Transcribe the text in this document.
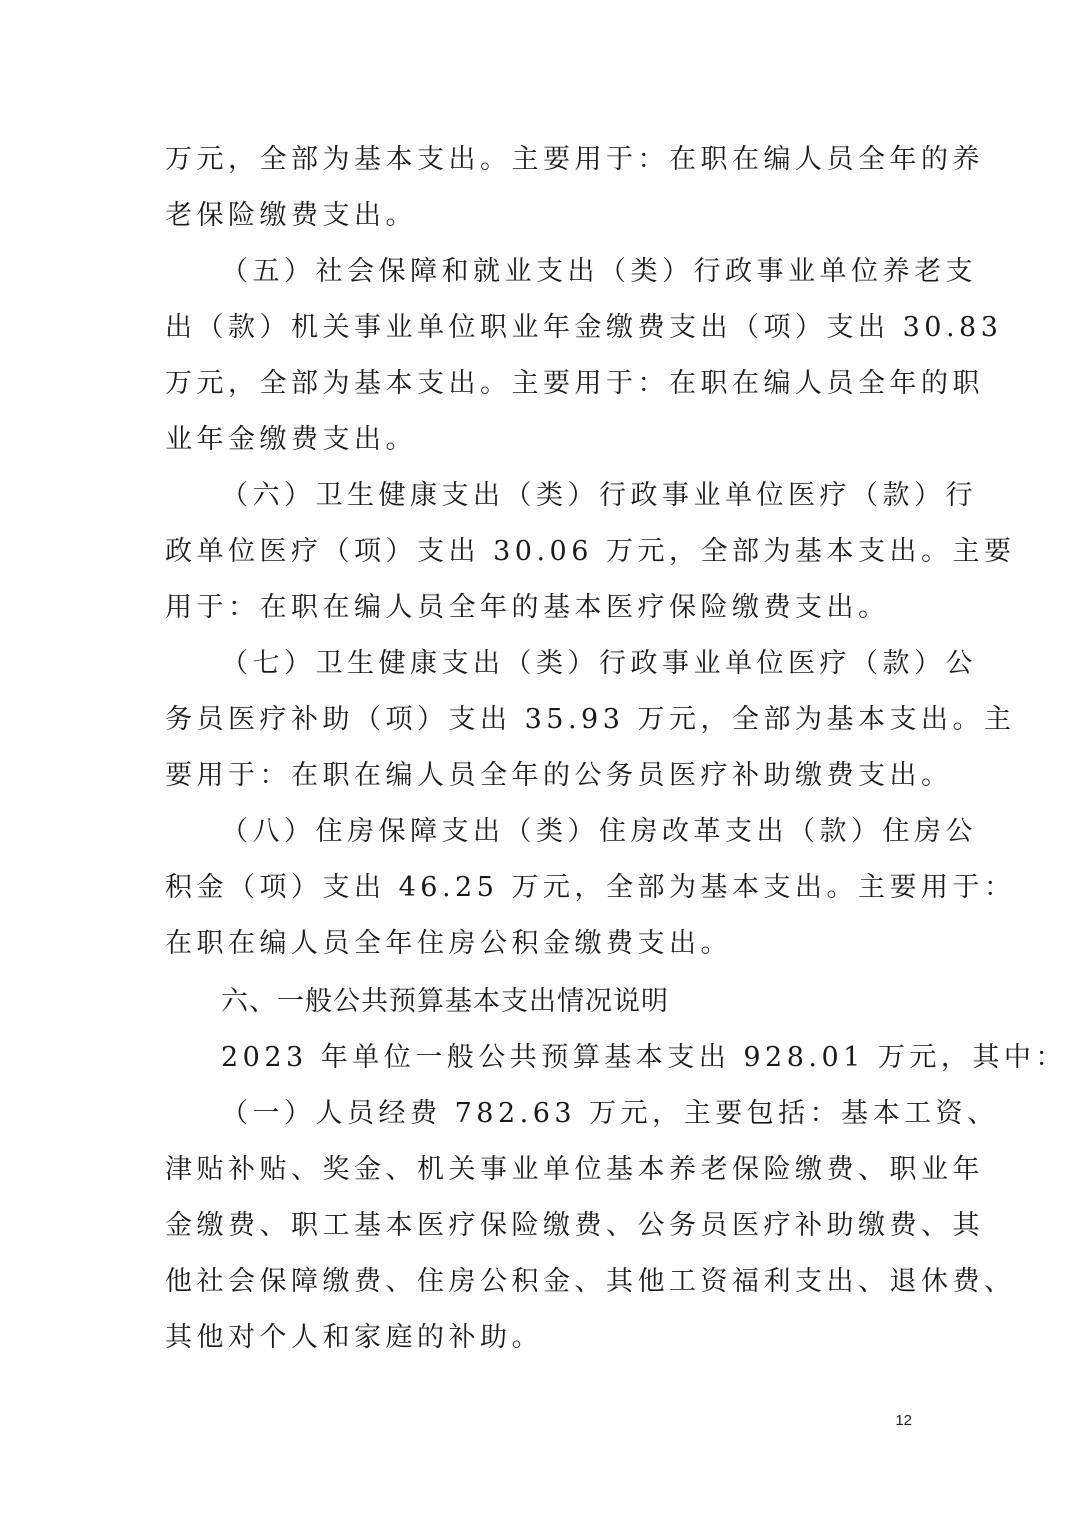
万元，全部为基本支出。主要用于：在职在编人员全年的养
老保险缴费支出。
（五）社会保障和就业支出（类）行政事业单位养老支
出（款）机关事业单位职业年金缴费支出（项）支出 30.83
万元，全部为基本支出。主要用于：在职在编人员全年的职
业年金缴费支出。
（六）卫生健康支出（类）行政事业单位医疗（款）行
政单位医疗（项）支出 30.06 万元，全部为基本支出。主要
用于：在职在编人员全年的基本医疗保险缴费支出。
（七）卫生健康支出（类）行政事业单位医疗（款）公
务员医疗补助（项）支出 35.93 万元，全部为基本支出。主
要用于：在职在编人员全年的公务员医疗补助缴费支出。
（八）住房保障支出（类）住房改革支出（款）住房公
积金（项）支出 46.25 万元，全部为基本支出。主要用于：
在职在编人员全年住房公积金缴费支出。
六、一般公共预算基本支出情况说明
2023 年单位一般公共预算基本支出 928.01 万元，其中：
（一）人员经费 782.63 万元，主要包括：基本工资、
津贴补贴、奖金、机关事业单位基本养老保险缴费、职业年
金缴费、职工基本医疗保险缴费、公务员医疗补助缴费、其
他社会保障缴费、住房公积金、其他工资福利支出、退休费、
其他对个人和家庭的补助。
12
